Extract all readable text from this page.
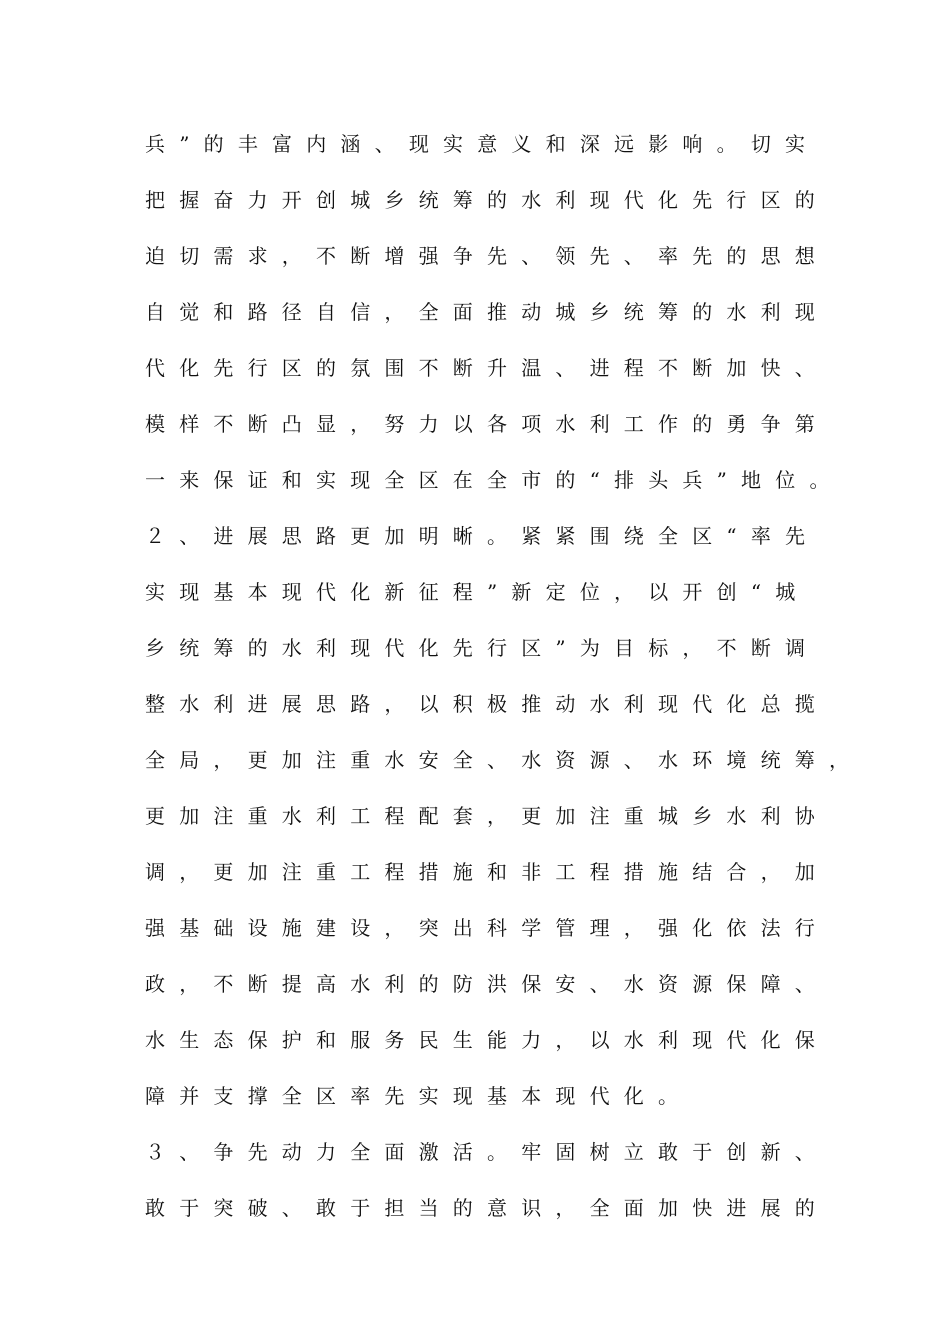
兵”的丰富内涵、现实意义和深远影响。切实
把握奋力开创城乡统筹的水利现代化先行区的
迫切需求，不断增强争先、领先、率先的思想
自觉和路径自信，全面推动城乡统筹的水利现
代化先行区的氛围不断升温、进程不断加快、
模样不断凸显，努力以各项水利工作的勇争第
一来保证和实现全区在全市的“排头兵”地位。
２、进展思路更加明晰。紧紧围绕全区“率先
实现基本现代化新征程”新定位，以开创“城
乡统筹的水利现代化先行区”为目标，不断调
整水利进展思路，以积极推动水利现代化总揽
全局，更加注重水安全、水资源、水环境统筹，
更加注重水利工程配套，更加注重城乡水利协
调，更加注重工程措施和非工程措施结合，加
强基础设施建设，突出科学管理，强化依法行
政，不断提高水利的防洪保安、水资源保障、
水生态保护和服务民生能力，以水利现代化保
障并支撑全区率先实现基本现代化。
３、争先动力全面激活。牢固树立敢于创新、
敢于突破、敢于担当的意识，全面加快进展的
